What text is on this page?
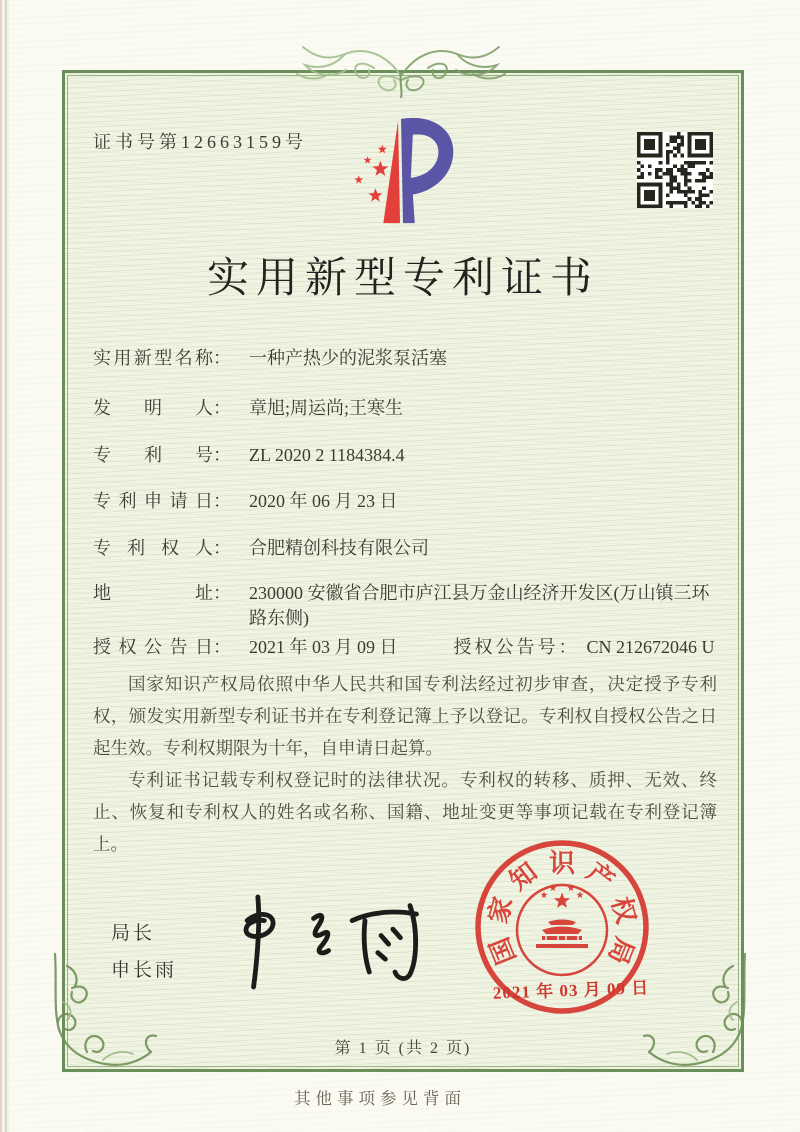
证书号第12663159号
实用新型专利证书
实用新型名称 ： 一种产热少的泥浆泵活塞
发明人 ： 章旭;周运尚;王寒生
专利号 ： ZL 2020 2 1184384.4
专利申请日 ： 2020 年 06 月 23 日
专利权人 ： 合肥精创科技有限公司
地址 ： 230000 安徽省合肥市庐江县万金山经济开发区(万山镇三环路东侧)
授权公告日 ： 2021 年 03 月 09 日	授权公告号 ： CN 212672046 U

国家知识产权局依照中华人民共和国专利法经过初步审查，决定授予专利权，颁发实用新型专利证书并在专利登记簿上予以登记。专利权自授权公告之日起生效。专利权期限为十年，自申请日起算。

专利证书记载专利权登记时的法律状况。专利权的转移、质押、无效、终止、恢复和专利权人的姓名或名称、国籍、地址变更等事项记载在专利登记簿上。

局长
申长雨
国
家
知 识 产
权
局
2021 年 03 月 09 日
第 1 页 (共 2 页)
其他事项参见背面
